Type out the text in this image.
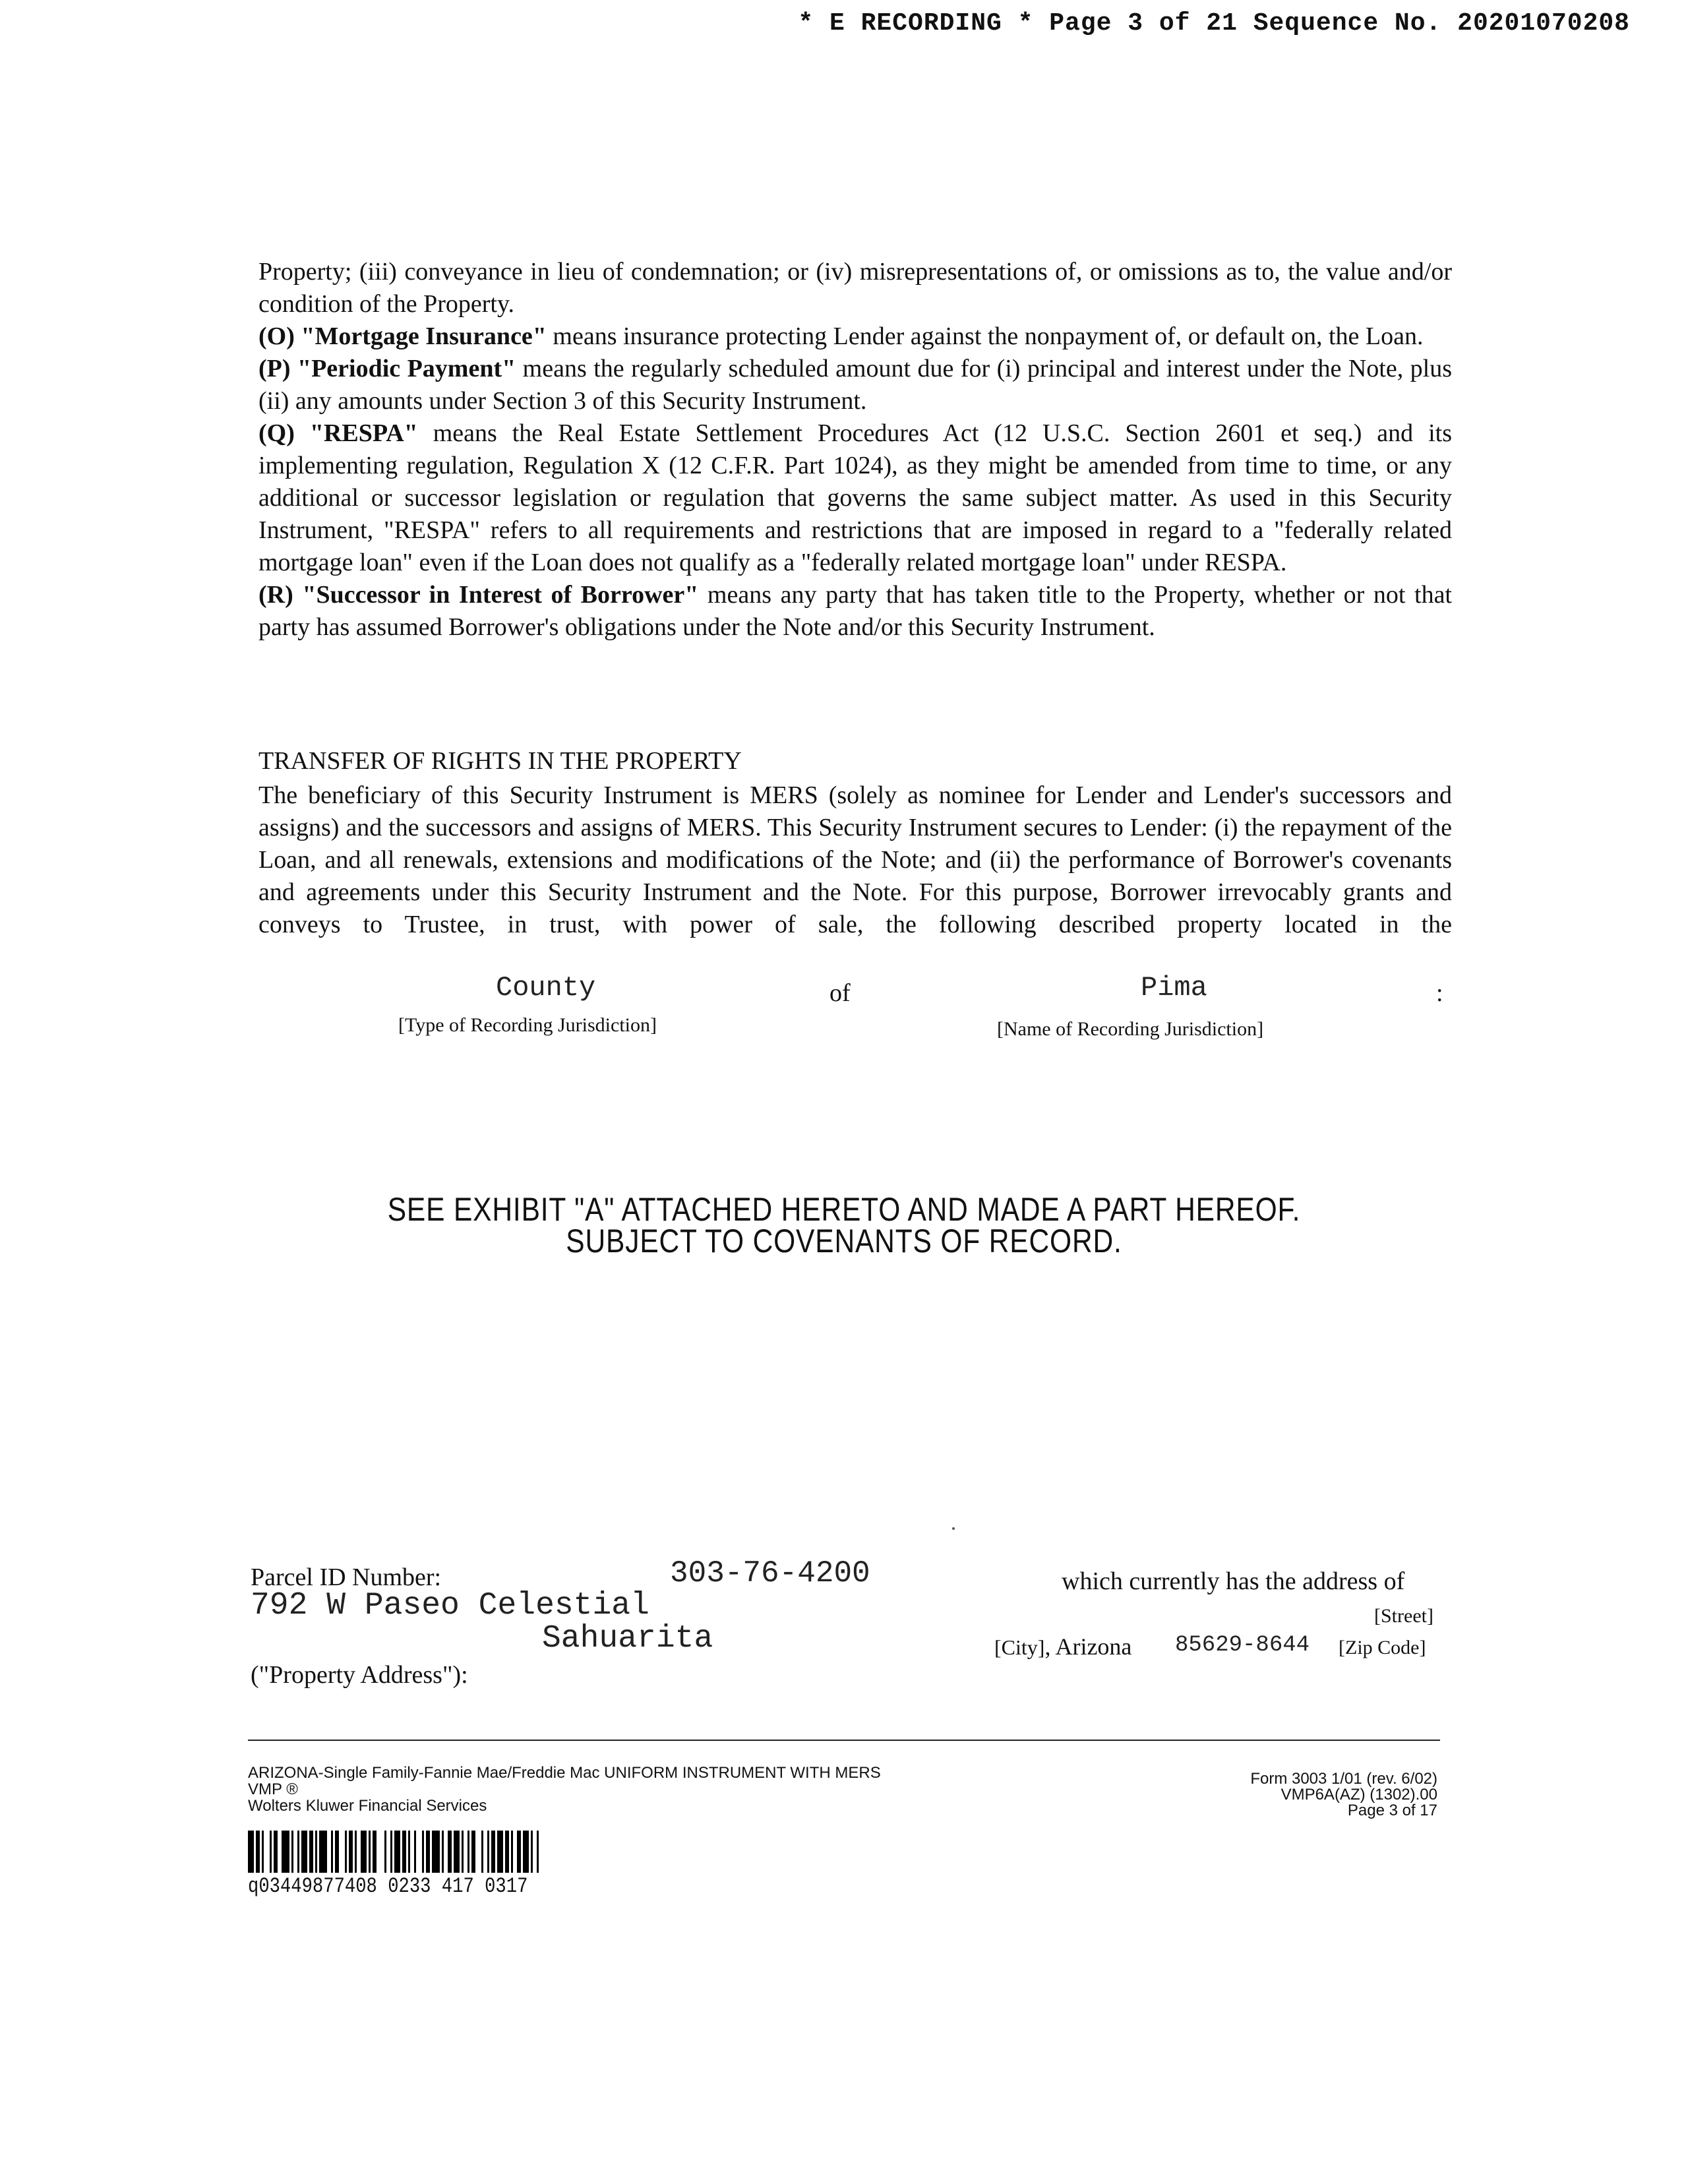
* E RECORDING * Page 3 of 21 Sequence No. 20201070208

Property; (iii) conveyance in lieu of condemnation; or (iv) misrepresentations of, or omissions as to, the value and/or condition of the Property.

(O) "Mortgage Insurance" means insurance protecting Lender against the nonpayment of, or default on, the Loan.

(P) "Periodic Payment" means the regularly scheduled amount due for (i) principal and interest under the Note, plus (ii) any amounts under Section 3 of this Security Instrument.

(Q) "RESPA" means the Real Estate Settlement Procedures Act (12 U.S.C. Section 2601 et seq.) and its implementing regulation, Regulation X (12 C.F.R. Part 1024), as they might be amended from time to time, or any additional or successor legislation or regulation that governs the same subject matter. As used in this Security Instrument, "RESPA" refers to all requirements and restrictions that are imposed in regard to a "federally related mortgage loan" even if the Loan does not qualify as a "federally related mortgage loan" under RESPA.

(R) "Successor in Interest of Borrower" means any party that has taken title to the Property, whether or not that party has assumed Borrower's obligations under the Note and/or this Security Instrument.

TRANSFER OF RIGHTS IN THE PROPERTY
The beneficiary of this Security Instrument is MERS (solely as nominee for Lender and Lender's successors and assigns) and the successors and assigns of MERS. This Security Instrument secures to Lender: (i) the repayment of the Loan, and all renewals, extensions and modifications of the Note; and (ii) the performance of Borrower's covenants and agreements under this Security Instrument and the Note. For this purpose, Borrower irrevocably grants and conveys to Trustee, in trust, with power of sale, the following described property located in the
County	of	Pima	:
[Type of Recording Jurisdiction]	[Name of Recording Jurisdiction]
SEE EXHIBIT "A" ATTACHED HERETO AND MADE A PART HEREOF.
SUBJECT TO COVENANTS OF RECORD.
Parcel ID Number:	303-76-4200	which currently has the address of
792 W Paseo Celestial	[Street]
Sahuarita	[City], Arizona 85629-8644 [Zip Code]
("Property Address"):
ARIZONA-Single Family-Fannie Mae/Freddie Mac UNIFORM INSTRUMENT WITH MERS
VMP ®
Wolters Kluwer Financial Services
Form 3003 1/01 (rev. 6/02)
VMP6A(AZ) (1302).00
Page 3 of 17
q03449877408 0233 417 0317
